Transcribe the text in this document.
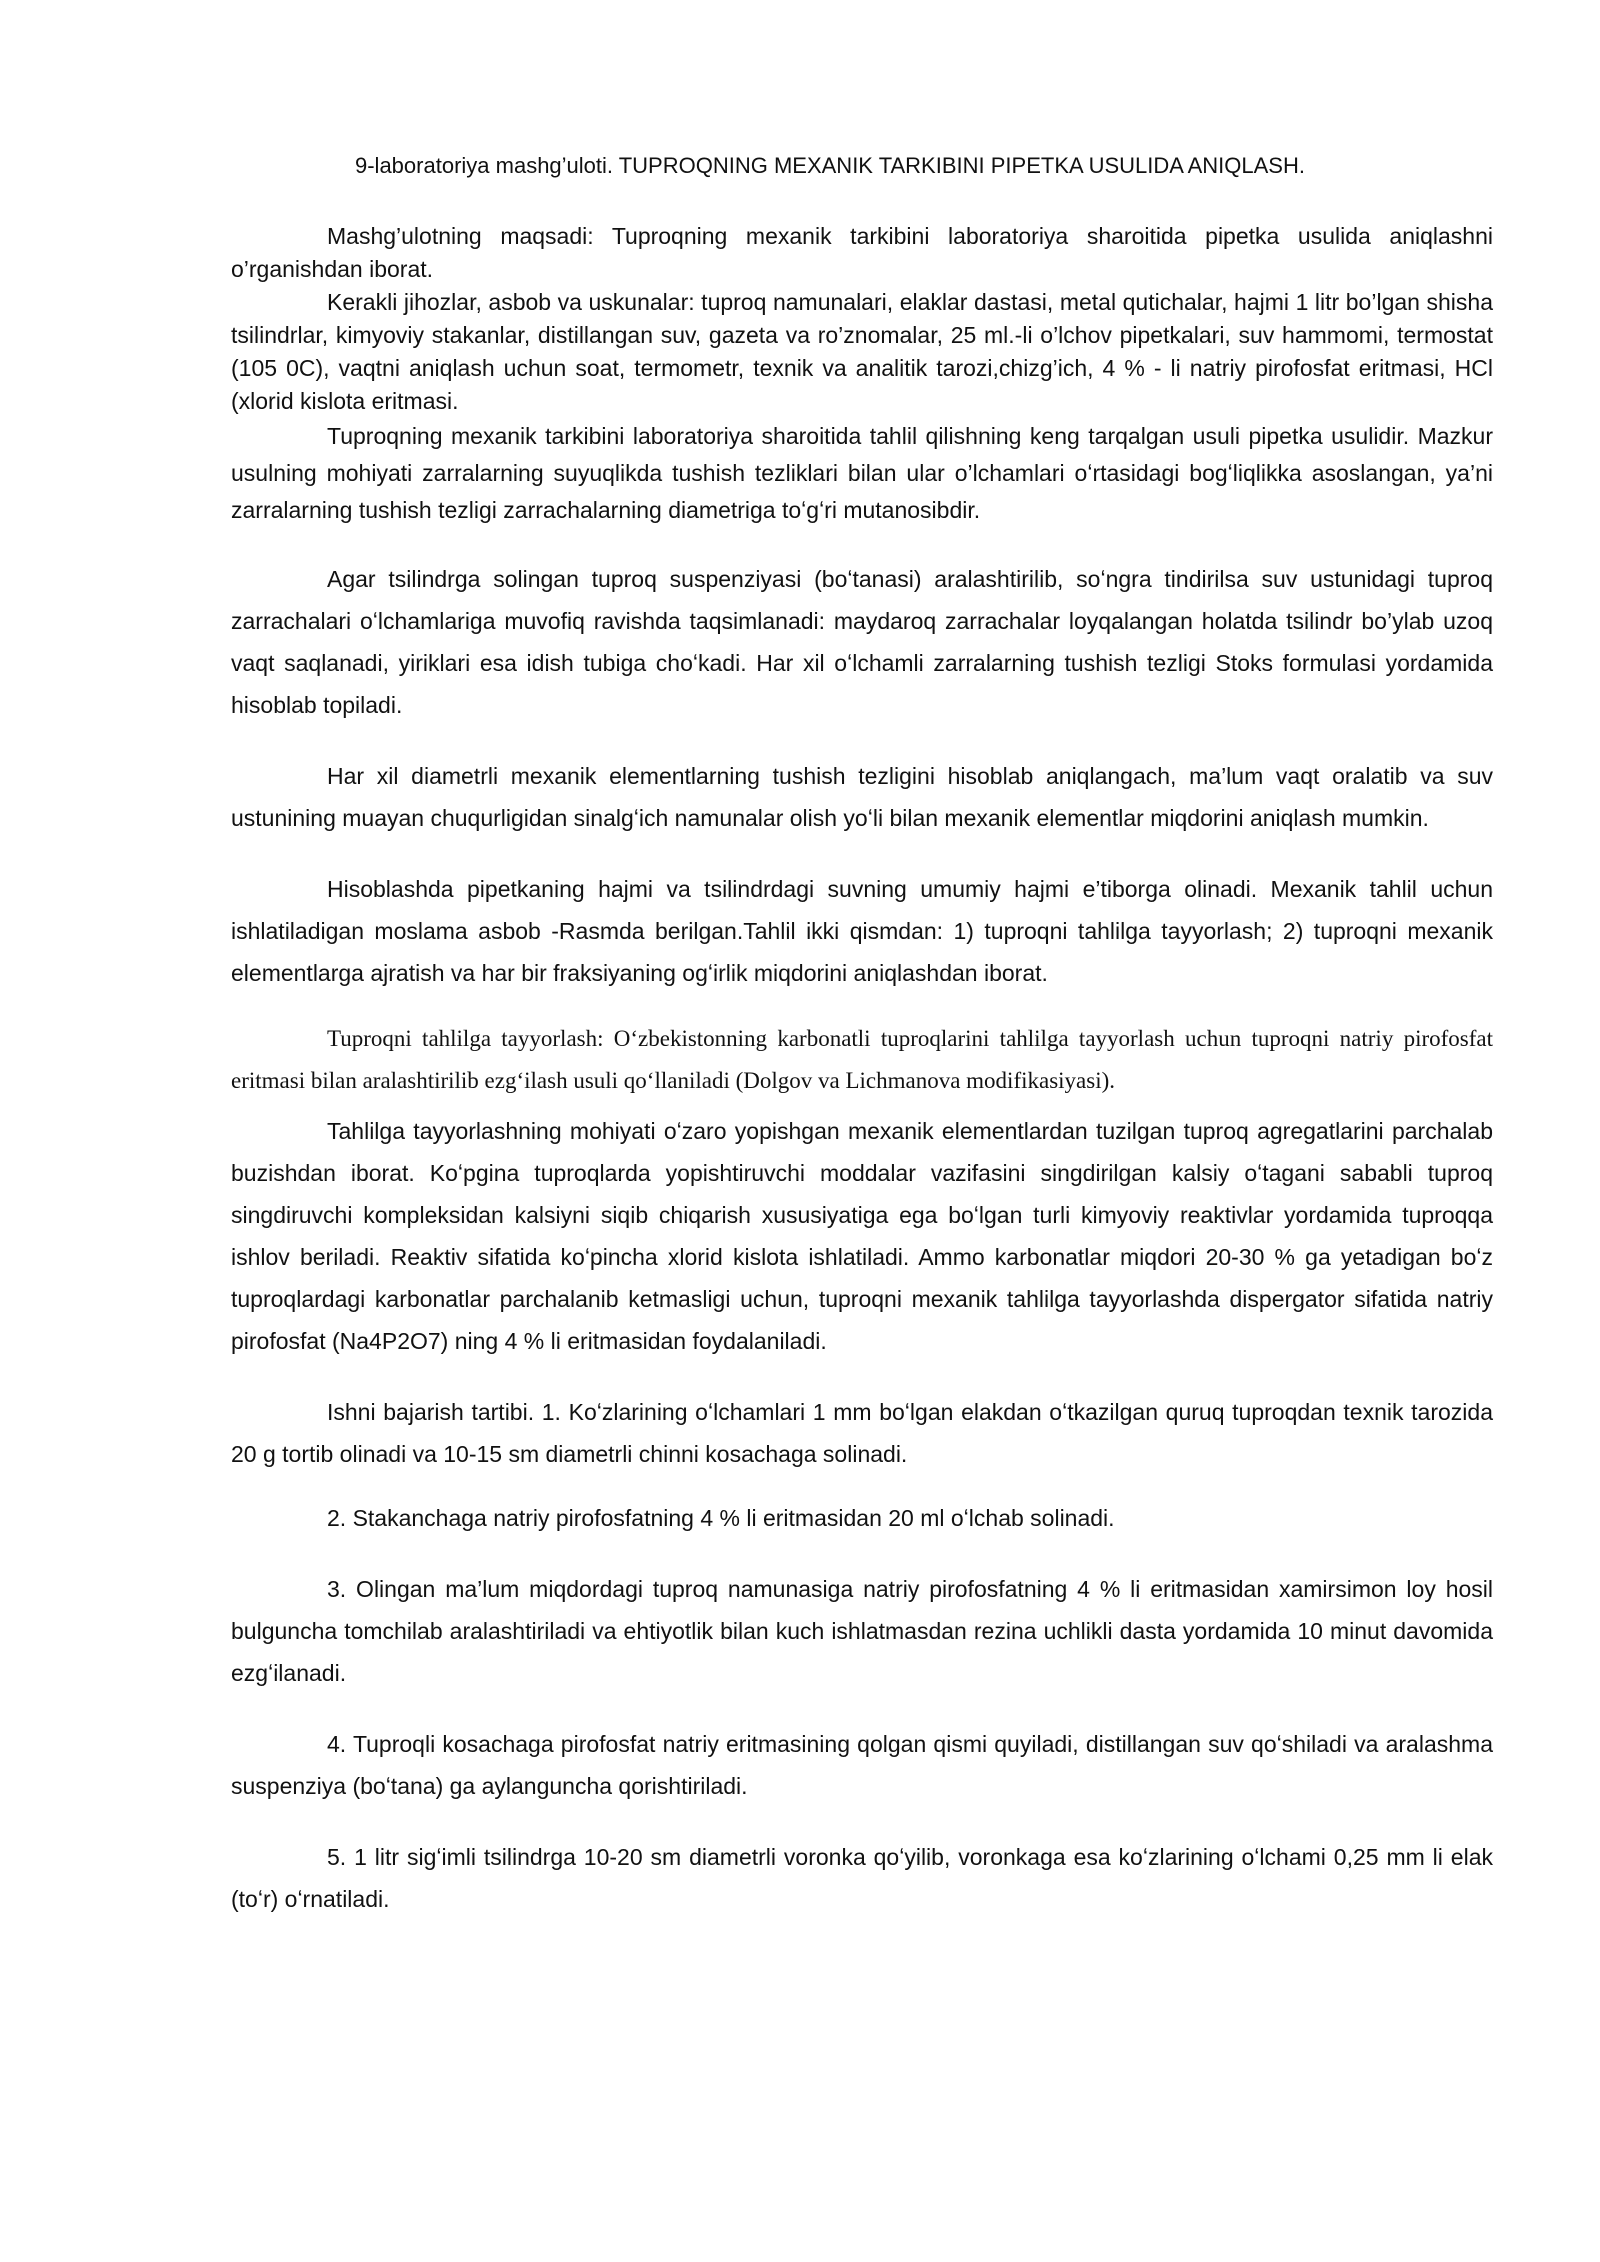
9-laboratoriya mashg’uloti. TUPROQNING MEXANIK TARKIBINI PIPETKA USULIDA ANIQLASH.

Mashg’ulotning maqsadi: Tuproqning mexanik tarkibini laboratoriya sharoitida pipetka usulida aniqlashni o’rganishdan iborat.

Kerakli jihozlar, asbob va uskunalar: tuproq namunalari, elaklar dastasi, metal qutichalar, hajmi 1 litr bo’lgan shisha tsilindrlar, kimyoviy stakanlar, distillangan suv, gazeta va ro’znomalar, 25 ml.-li o’lchov pipetkalari, suv hammomi, termostat (105 0C), vaqtni aniqlash uchun soat, termometr, texnik va analitik tarozi,chizg’ich, 4 % - li natriy pirofosfat eritmasi, HCl (xlorid kislota eritmasi.

Tuproqning mexanik tarkibini laboratoriya sharoitida tahlil qilishning keng tarqalgan usuli pipetka usulidir. Mazkur usulning mohiyati zarralarning suyuqlikda tushish tezliklari bilan ular o’lchamlari oʻrtasidagi bogʻliqlikka asoslangan, ya’ni zarralarning tushish tezligi zarrachalarning diametriga toʻgʻri mutanosibdir.

Agar tsilindrga solingan tuproq suspenziyasi (boʻtanasi) aralashtirilib, soʻngra tindirilsa suv ustunidagi tuproq zarrachalari oʻlchamlariga muvofiq ravishda taqsimlanadi: maydaroq zarrachalar loyqalangan holatda tsilindr bo’ylab uzoq vaqt saqlanadi, yiriklari esa idish tubiga choʻkadi. Har xil oʻlchamli zarralarning tushish tezligi Stoks formulasi yordamida hisoblab topiladi.

Har xil diametrli mexanik elementlarning tushish tezligini hisoblab aniqlangach, ma’lum vaqt oralatib va suv ustunining muayan chuqurligidan sinalgʻich namunalar olish yoʻli bilan mexanik elementlar miqdorini aniqlash mumkin.

Hisoblashda pipetkaning hajmi va tsilindrdagi suvning umumiy hajmi e’tiborga olinadi. Mexanik tahlil uchun ishlatiladigan moslama asbob -Rasmda berilgan.Tahlil ikki qismdan: 1) tuproqni tahlilga tayyorlash; 2) tuproqni mexanik elementlarga ajratish va har bir fraksiyaning ogʻirlik miqdorini aniqlashdan iborat.

Tuproqni tahlilga tayyorlash: Oʻzbekistonning karbonatli tuproqlarini tahlilga tayyorlash uchun tuproqni natriy pirofosfat eritmasi bilan aralashtirilib ezgʻilash usuli qoʻllaniladi (Dolgov va Lichmanova modifikasiyasi).

Tahlilga tayyorlashning mohiyati oʻzaro yopishgan mexanik elementlardan tuzilgan tuproq agregatlarini parchalab buzishdan iborat. Koʻpgina tuproqlarda yopishtiruvchi moddalar vazifasini singdirilgan kalsiy oʻtagani sababli tuproq singdiruvchi kompleksidan kalsiyni siqib chiqarish xususiyatiga ega boʻlgan turli kimyoviy reaktivlar yordamida tuproqqa ishlov beriladi. Reaktiv sifatida koʻpincha xlorid kislota ishlatiladi. Ammo karbonatlar miqdori 20-30 % ga yetadigan boʻz tuproqlardagi karbonatlar parchalanib ketmasligi uchun, tuproqni mexanik tahlilga tayyorlashda dispergator sifatida natriy pirofosfat (Na4P2O7) ning 4 % li eritmasidan foydalaniladi.

Ishni bajarish tartibi. 1. Koʻzlarining oʻlchamlari 1 mm boʻlgan elakdan oʻtkazilgan quruq tuproqdan texnik tarozida 20 g tortib olinadi va 10-15 sm diametrli chinni kosachaga solinadi.

2. Stakanchaga natriy pirofosfatning 4 % li eritmasidan 20 ml oʻlchab solinadi.

3. Olingan ma’lum miqdordagi tuproq namunasiga natriy pirofosfatning 4 % li eritmasidan xamirsimon loy hosil bulguncha tomchilab aralashtiriladi va ehtiyotlik bilan kuch ishlatmasdan rezina uchlikli dasta yordamida 10 minut davomida ezgʻilanadi.

4. Tuproqli kosachaga pirofosfat natriy eritmasining qolgan qismi quyiladi, distillangan suv qoʻshiladi va aralashma suspenziya (boʻtana) ga aylanguncha qorishtiriladi.

5. 1 litr sigʻimli tsilindrga 10-20 sm diametrli voronka qoʻyilib, voronkaga esa koʻzlarining oʻlchami 0,25 mm li elak (toʻr) oʻrnatiladi.
